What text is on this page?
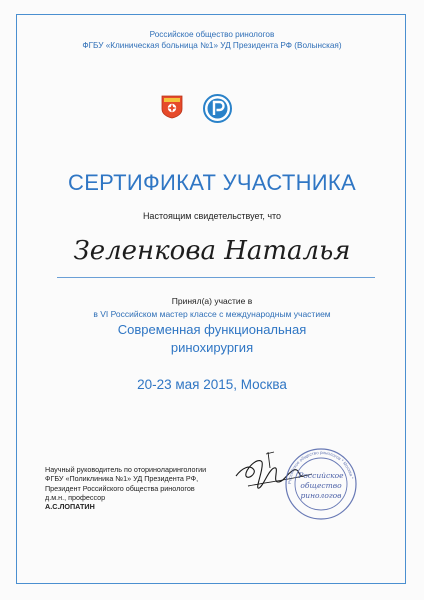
Российское общество ринологов
ФГБУ «Клиническая больница №1» УД Президента РФ (Волынская)
СЕРТИФИКАТ УЧАСТНИКА
Настоящим свидетельствует, что
Зеленкова Наталья
Принял(а) участие в
в VI Российском мастер классе с международным участием
Современная функциональная
ринохирургия
20-23 мая 2015, Москва
Научный руководитель по оториноларингологии
ФГБУ «Поликлиника №1» УД Президента РФ,
Президент Российского общества ринологов
д.м.н., профессор
А.С.ЛОПАТИН
Российское общество ринологов * Москва *
Российское
общество
ринологов
